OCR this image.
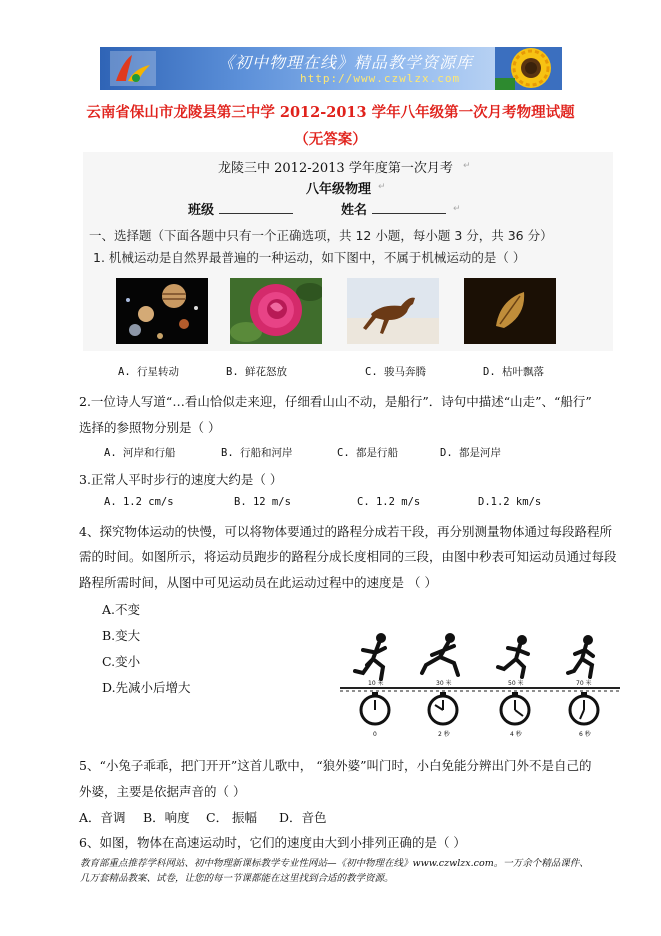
《初中物理在线》精品教学资源库
http://www.czwlzx.com
云南省保山市龙陵县第三中学 2012-2013 学年八年级第一次月考物理试题
（无答案）
龙陵三中 2012-2013 学年度第一次月考 ↵
八年级物理 ↵
班级	姓名	↵
一、选择题（下面各题中只有一个正确选项，共 12 小题，每小题 3 分，共 36 分）
1. 机械运动是自然界最普遍的一种运动，如下图中，不属于机械运动的是（ ）
A. 行星转动	B. 鲜花怒放	C. 骏马奔腾	D. 枯叶飘落
2.一位诗人写道“…看山恰似走来迎，仔细看山山不动，是船行”．诗句中描述“山走”、“船行”
选择的参照物分别是（ ）
A. 河岸和行船	B. 行船和河岸	C. 都是行船	D. 都是河岸
3.正常人平时步行的速度大约是（ ）
A. 1.2 cm/s	B. 12 m/s	C. 1.2 m/s	D.1.2 km/s
4、探究物体运动的快慢，可以将物体要通过的路程分成若干段，再分别测量物体通过每段路程所
需的时间。如图所示，将运动员跑步的路程分成长度相同的三段，由图中秒表可知运动员通过每段
路程所需时间，从图中可见运动员在此运动过程中的速度是 （ ）
A.不变
B.变大
C.变小
D.先减小后增大	10 米	30 米	50 米	70 米
0	2 秒	4 秒	6 秒
5、“小兔子乖乖，把门开开”这首儿歌中， “狼外婆”叫门时，小白免能分辨出门外不是自己的
外婆，主要是依据声音的（ ）
A．音调 B．响度 C． 振幅 D．音色
6、如图，物体在高速运动时，它们的速度由大到小排列正确的是（ ）
教育部重点推荐学科网站、初中物理新课标教学专业性网站—《初中物理在线》www.czwlzx.com。一万余个精品课件、
几万套精品教案、试卷，让您的每一节课都能在这里找到合适的教学资源。
